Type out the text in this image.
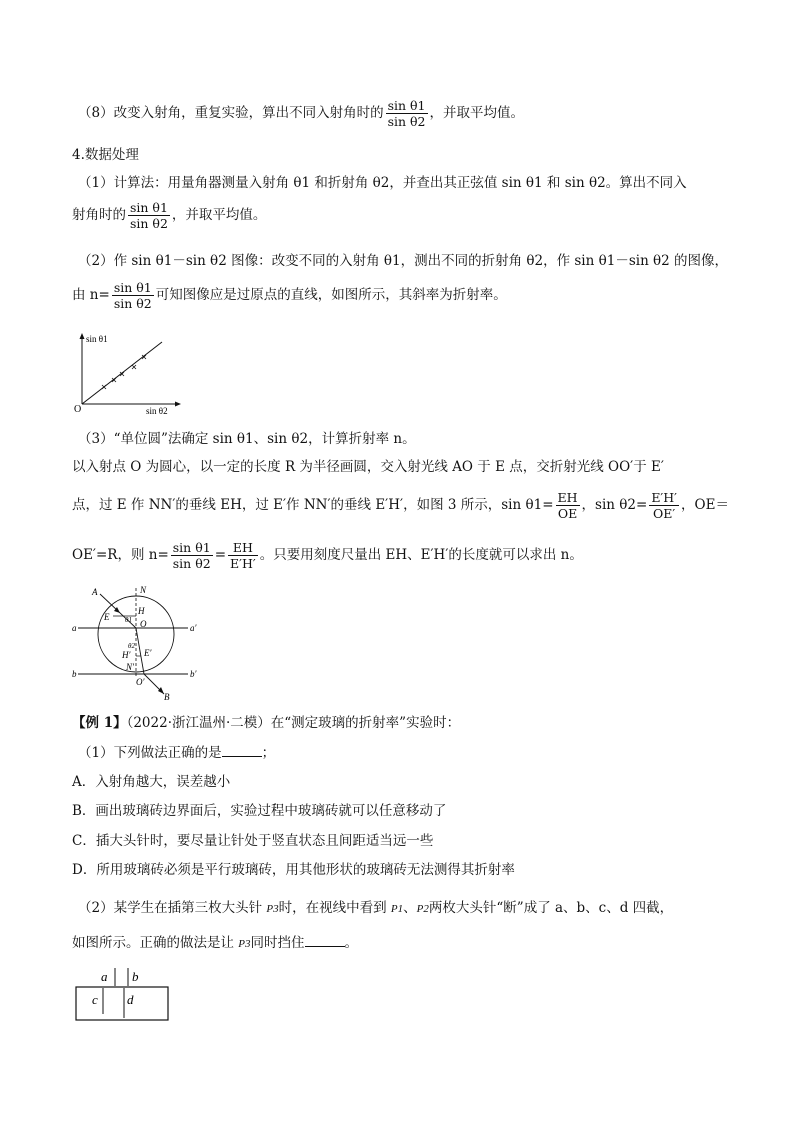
（8）改变入射角，重复实验，算出不同入射角时的 $\frac{\text{sin θ1}}{\text{sin θ2}}$ ，并取平均值。
4.数据处理
（1）计算法：用量角器测量入射角 θ1 和折射角 θ2，并查出其正弦值 sin θ1 和 sin θ2。算出不同入
射角时的 $\frac{\text{sin θ1}}{\text{sin θ2}}$ ，并取平均值。
（2）作 sin θ1－sin θ2 图像：改变不同的入射角 θ1，测出不同的折射角 θ2，作 sin θ1－sin θ2 的图像，
由 $n= \frac{\text{sin θ1}}{\text{sin θ2}}$ 可知图像应是过原点的直线，如图所示，其斜率为折射率。
sin θ1
O	sin θ2
（3）“单位圆”法确定 sin θ1、sin θ2，计算折射率 n。
以入射点 O 为圆心，以一定的长度 R 为半径画圆，交入射光线 AO 于 E 点，交折射光线 OO′于 E′
点，过 E 作 NN′的垂线 EH，过 E′作 NN′的垂线 E′H′，如图 3 所示，$\sin \theta 1= \frac{EH}{OE}$ ，$\sin \theta 2= \frac{E'H'}{OE'}$ ，OE＝
OE′=R，则 $n= \frac{\text{sin θ1}}{\text{sin θ2}} = \frac{EH}{E'H'}$ 。只要用刻度尺量出 EH、E′H′的长度就可以求出 n。
A	N
H
E θ1 O
a	a′
θ2
H′ E′
N′
b	b′
O′
B
【例 1】（2022·浙江温州·二模）在“测定玻璃的折射率”实验时：
（1）下列做法正确的是	；
A．入射角越大，误差越小
B．画出玻璃砖边界面后，实验过程中玻璃砖就可以任意移动了
C．插大头针时，要尽量让针处于竖直状态且间距适当远一些
D．所用玻璃砖必须是平行玻璃砖，用其他形状的玻璃砖无法测得其折射率
（2）某学生在插第三枚大头针 P3时，在视线中看到 P1、P2两枚大头针“断”成了 a、b、c、d 四截，
如图所示。正确的做法是让 P3同时挡住	。
a b
c d
